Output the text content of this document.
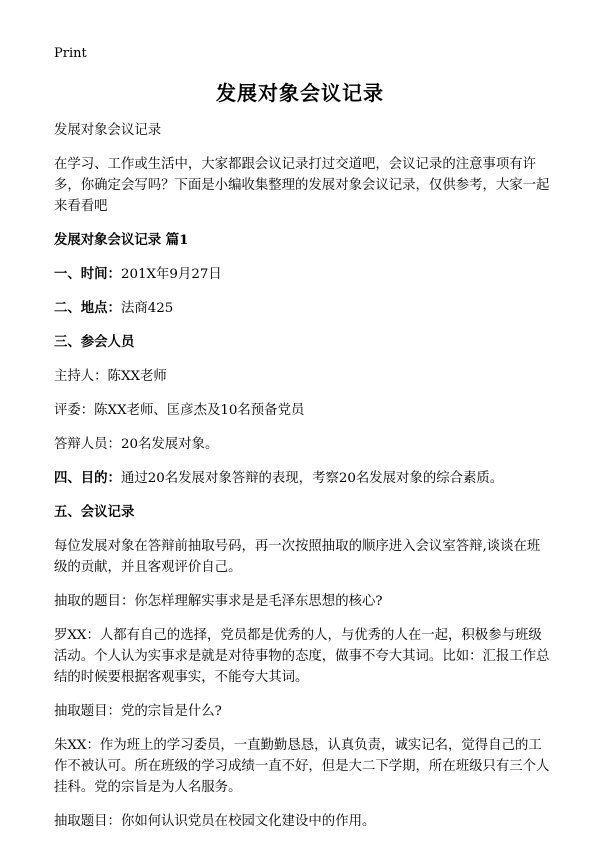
Print
发展对象会议记录

发展对象会议记录

在学习、工作或生活中，大家都跟会议记录打过交道吧，会议记录的注意事项有许多，你确定会写吗？下面是小编收集整理的发展对象会议记录，仅供参考，大家一起来看看吧

发展对象会议记录 篇1

一、时间：201X年9月27日

二、地点：法商425

三、参会人员

主持人：陈XX老师

评委：陈XX老师、匡彦杰及10名预备党员

答辩人员：20名发展对象。

四、目的：通过20名发展对象答辩的表现，考察20名发展对象的综合素质。

五、会议记录

每位发展对象在答辩前抽取号码，再一次按照抽取的顺序进入会议室答辩,谈谈在班级的贡献，并且客观评价自己。

抽取的题目：你怎样理解实事求是是毛泽东思想的核心?

罗XX：人都有自己的选择，党员都是优秀的人，与优秀的人在一起，积极参与班级活动。个人认为实事求是就是对待事物的态度，做事不夸大其词。比如：汇报工作总结的时候要根据客观事实，不能夸大其词。

抽取题目：党的宗旨是什么?

朱XX：作为班上的学习委员，一直勤勤恳恳，认真负责，诚实记名，觉得自己的工作不被认可。所在班级的学习成绩一直不好，但是大二下学期，所在班级只有三个人挂科。党的宗旨是为人名服务。

抽取题目：你如何认识党员在校园文化建设中的作用。
